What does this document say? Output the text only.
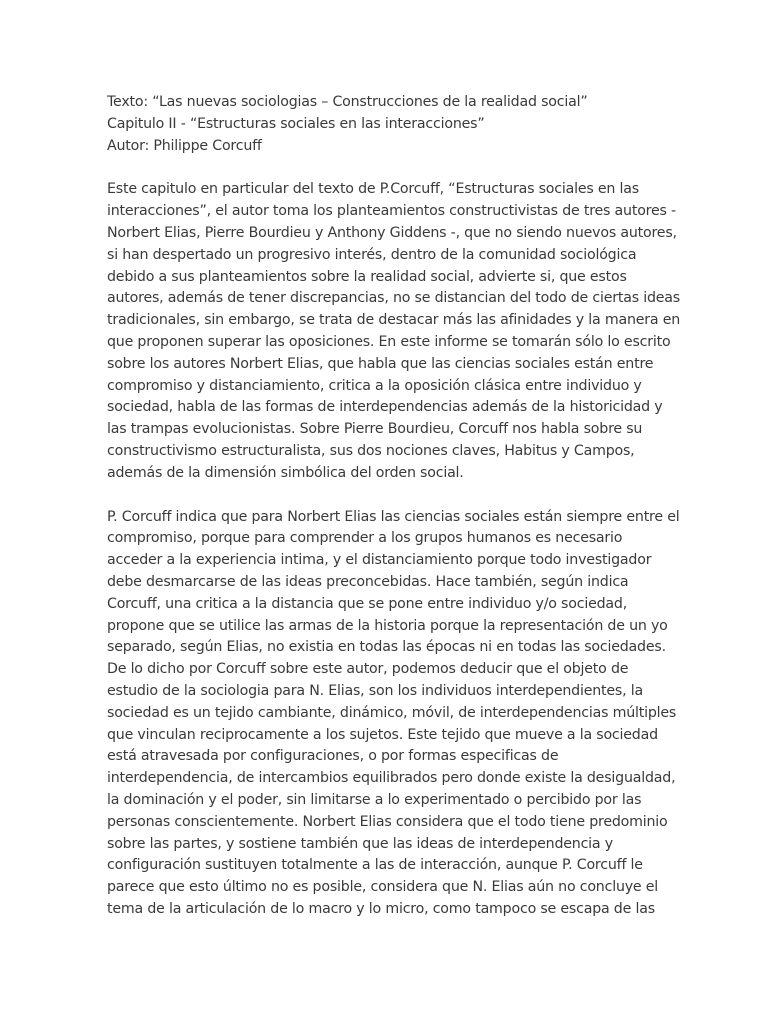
Texto: “Las nuevas sociologias – Construcciones de la realidad social”
Capitulo II - “Estructuras sociales en las interacciones”
Autor: Philippe Corcuff

Este capitulo en particular del texto de P.Corcuff, “Estructuras sociales en las
interacciones”, el autor toma los planteamientos constructivistas de tres autores -
Norbert Elias, Pierre Bourdieu y Anthony Giddens -, que no siendo nuevos autores,
si han despertado un progresivo interés, dentro de la comunidad sociológica
debido a sus planteamientos sobre la realidad social, advierte si, que estos
autores, además de tener discrepancias, no se distancian del todo de ciertas ideas
tradicionales, sin embargo, se trata de destacar más las afinidades y la manera en
que proponen superar las oposiciones. En este informe se tomarán sólo lo escrito
sobre los autores Norbert Elias, que habla que las ciencias sociales están entre
compromiso y distanciamiento, critica a la oposición clásica entre individuo y
sociedad, habla de las formas de interdependencias además de la historicidad y
las trampas evolucionistas. Sobre Pierre Bourdieu, Corcuff nos habla sobre su
constructivismo estructuralista, sus dos nociones claves, Habitus y Campos,
además de la dimensión simbólica del orden social.

P. Corcuff indica que para Norbert Elias las ciencias sociales están siempre entre el
compromiso, porque para comprender a los grupos humanos es necesario
acceder a la experiencia intima, y el distanciamiento porque todo investigador
debe desmarcarse de las ideas preconcebidas. Hace también, según indica
Corcuff, una critica a la distancia que se pone entre individuo y/o sociedad,
propone que se utilice las armas de la historia porque la representación de un yo
separado, según Elias, no existia en todas las épocas ni en todas las sociedades.
De lo dicho por Corcuff sobre este autor, podemos deducir que el objeto de
estudio de la sociologia para N. Elias, son los individuos interdependientes, la
sociedad es un tejido cambiante, dinámico, móvil, de interdependencias múltiples
que vinculan reciprocamente a los sujetos. Este tejido que mueve a la sociedad
está atravesada por configuraciones, o por formas especificas de
interdependencia, de intercambios equilibrados pero donde existe la desigualdad,
la dominación y el poder, sin limitarse a lo experimentado o percibido por las
personas conscientemente. Norbert Elias considera que el todo tiene predominio
sobre las partes, y sostiene también que las ideas de interdependencia y
configuración sustituyen totalmente a las de interacción, aunque P. Corcuff le
parece que esto último no es posible, considera que N. Elias aún no concluye el
tema de la articulación de lo macro y lo micro, como tampoco se escapa de las
